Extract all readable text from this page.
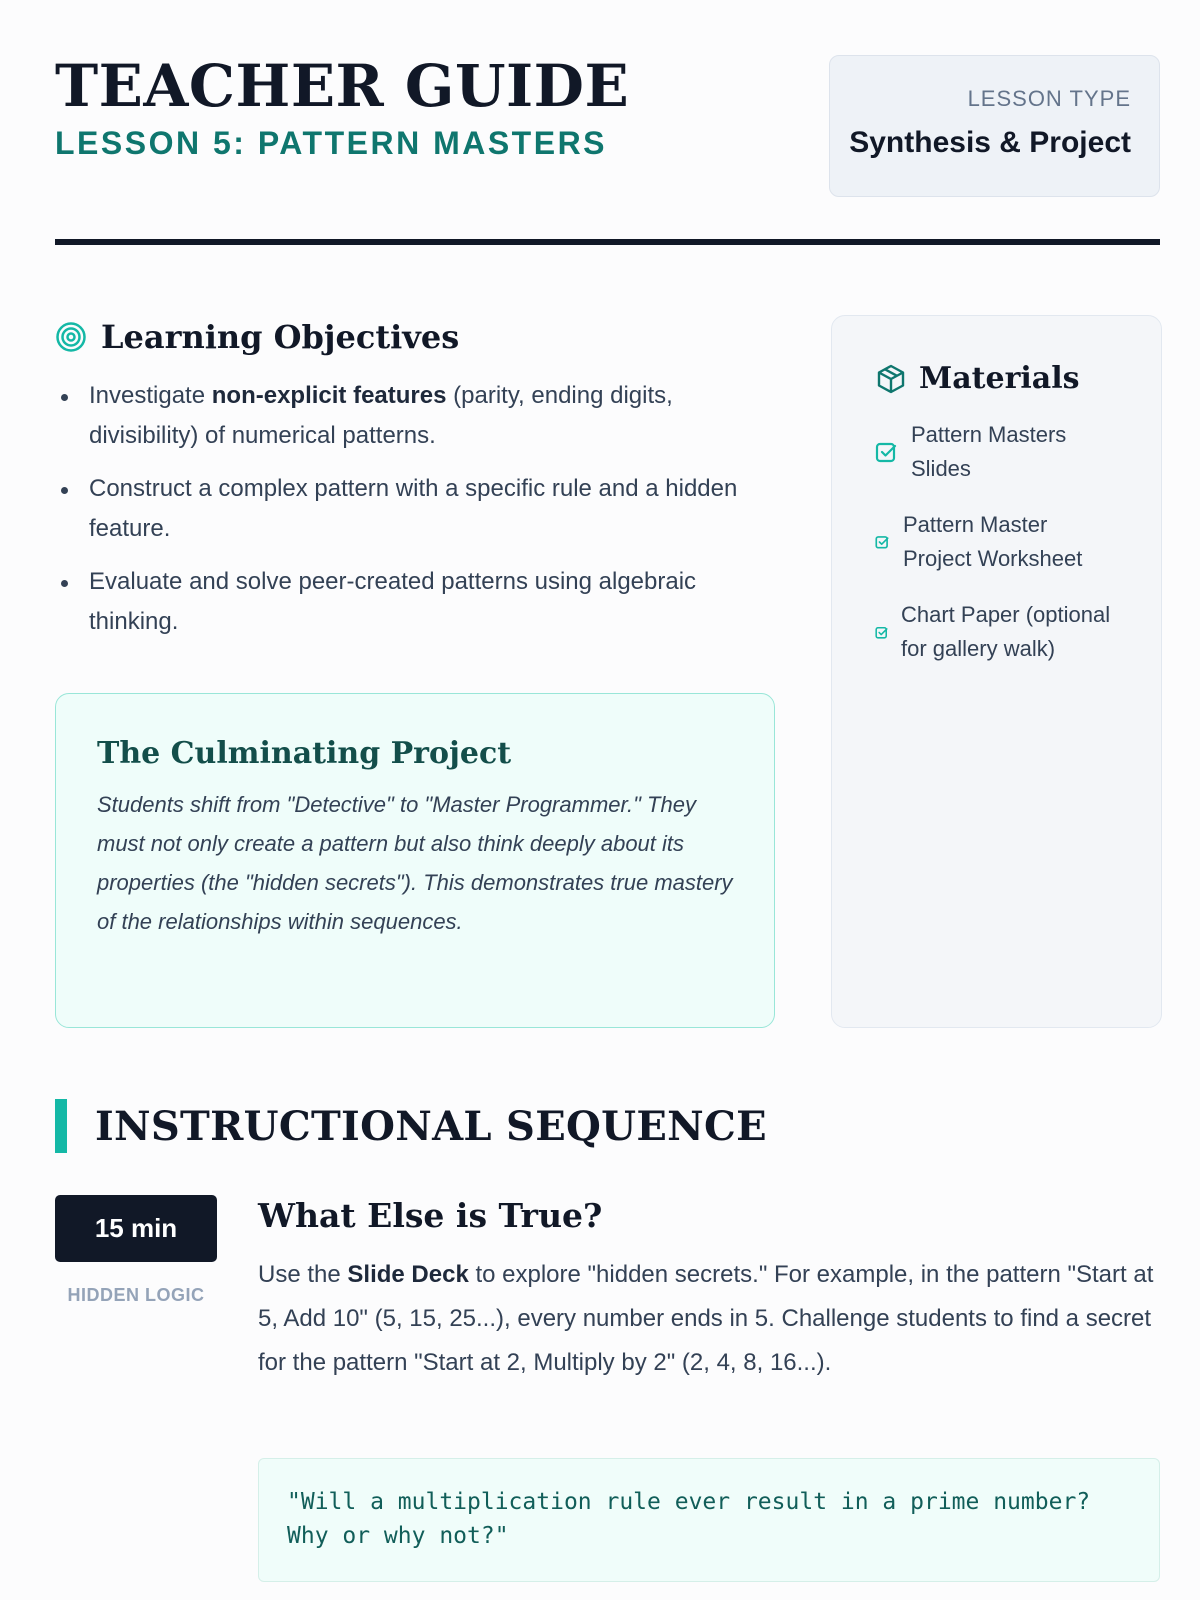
TEACHER GUIDE
LESSON 5: PATTERN MASTERS
LESSON TYPE
Synthesis & Project
Learning Objectives
Investigate non-explicit features (parity, ending digits, divisibility) of numerical patterns.
Construct a complex pattern with a specific rule and a hidden feature.
Evaluate and solve peer-created patterns using algebraic thinking.
The Culminating Project

Students shift from "Detective" to "Master Programmer." They must not only create a pattern but also think deeply about its properties (the "hidden secrets"). This demonstrates true mastery of the relationships within sequences.

Materials
Pattern Masters Slides
Pattern Master Project Worksheet
Chart Paper (optional for gallery walk)
INSTRUCTIONAL SEQUENCE
15 min
HIDDEN LOGIC
What Else is True?

Use the Slide Deck to explore "hidden secrets." For example, in the pattern "Start at 5, Add 10" (5, 15, 25...), every number ends in 5. Challenge students to find a secret for the pattern "Start at 2, Multiply by 2" (2, 4, 8, 16...).

"Will a multiplication rule ever result in a prime number? Why or why not?"
